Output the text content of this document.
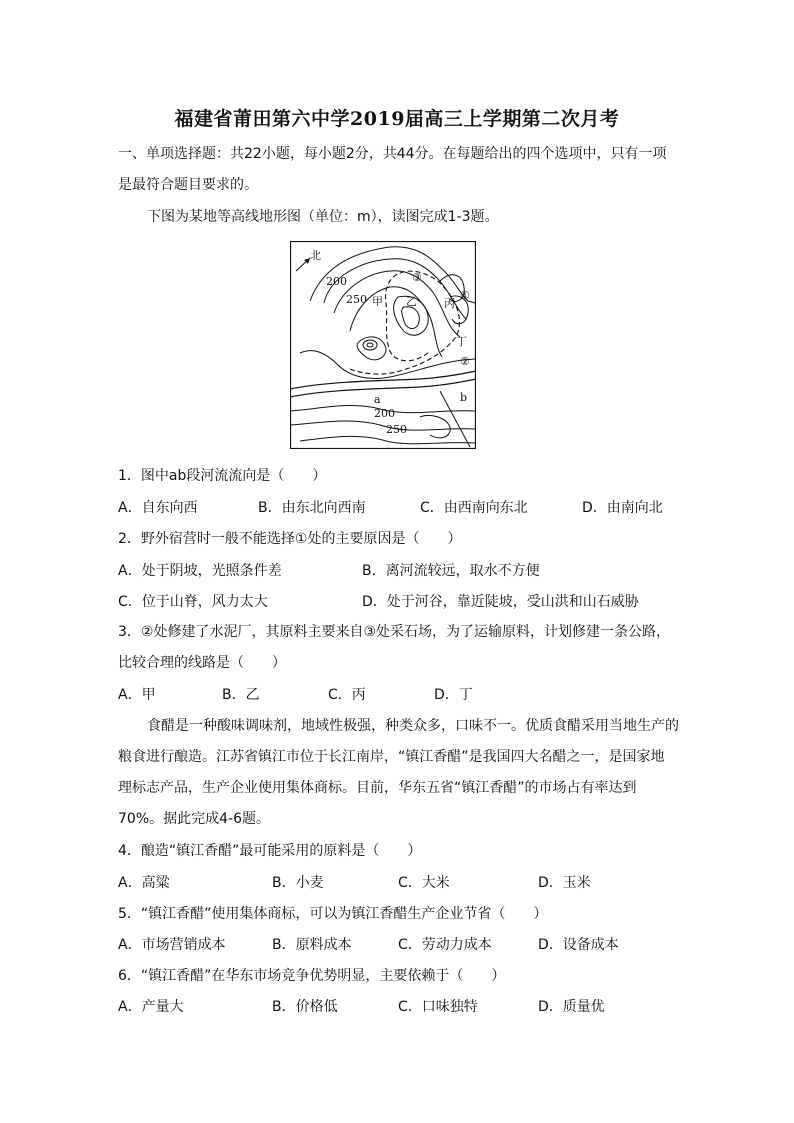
福建省莆田第六中学2019届高三上学期第二次月考
一、单项选择题：共22小题，每小题2分，共44分。在每题给出的四个选项中，只有一项
是最符合题目要求的。
下图为某地等高线地形图（单位：m），读图完成1-3题。
北
200
250 甲 乙 丙
丁
③
①
②
a	b
200
250
1．图中ab段河流流向是（　　）
A．自东向西	B．由东北向西南	C．由西南向东北	D．由南向北
2．野外宿营时一般不能选择①处的主要原因是（　　）
A．处于阴坡，光照条件差	B．离河流较远，取水不方便
C．位于山脊，风力太大	D．处于河谷，靠近陡坡，受山洪和山石威胁
3．②处修建了水泥厂，其原料主要来自③处采石场，为了运输原料，计划修建一条公路，
比较合理的线路是（　　）
A．甲	B．乙	C．丙	D．丁
食醋是一种酸味调味剂，地域性极强，种类众多，口味不一。优质食醋采用当地生产的
粮食进行酿造。江苏省镇江市位于长江南岸，“镇江香醋”是我国四大名醋之一，是国家地
理标志产品，生产企业使用集体商标。目前，华东五省“镇江香醋”的市场占有率达到
70%。据此完成4-6题。
4．酿造“镇江香醋”最可能采用的原料是（　　）
A．高粱	B．小麦	C．大米	D．玉米
5．“镇江香醋”使用集体商标，可以为镇江香醋生产企业节省（　　）
A．市场营销成本	B．原料成本	C．劳动力成本	D．设备成本
6．“镇江香醋”在华东市场竞争优势明显，主要依赖于（　　）
A．产量大	B．价格低	C．口味独特	D．质量优
